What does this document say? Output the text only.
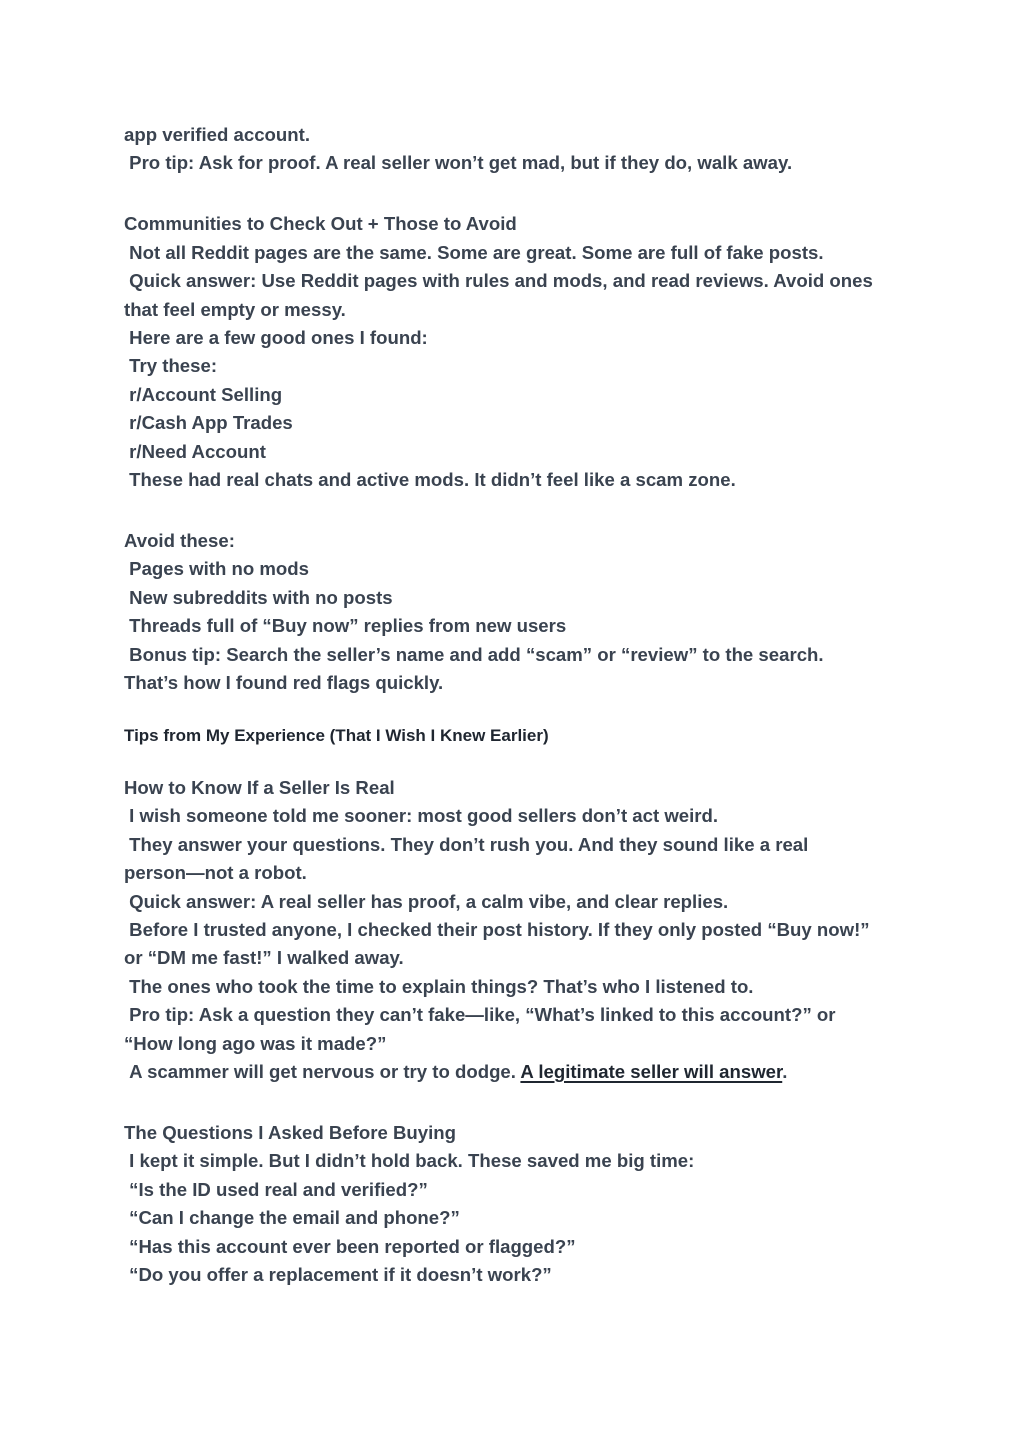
app verified account.
Pro tip: Ask for proof. A real seller won’t get mad, but if they do, walk away.
Communities to Check Out + Those to Avoid
Not all Reddit pages are the same. Some are great. Some are full of fake posts.
Quick answer: Use Reddit pages with rules and mods, and read reviews. Avoid ones
that feel empty or messy.
Here are a few good ones I found:
Try these:
r/Account Selling
r/Cash App Trades
r/Need Account
These had real chats and active mods. It didn’t feel like a scam zone.
Avoid these:
Pages with no mods
New subreddits with no posts
Threads full of “Buy now” replies from new users
Bonus tip: Search the seller’s name and add “scam” or “review” to the search.
That’s how I found red flags quickly.
Tips from My Experience (That I Wish I Knew Earlier)
How to Know If a Seller Is Real
I wish someone told me sooner: most good sellers don’t act weird.
They answer your questions. They don’t rush you. And they sound like a real
person—not a robot.
Quick answer: A real seller has proof, a calm vibe, and clear replies.
Before I trusted anyone, I checked their post history. If they only posted “Buy now!”
or “DM me fast!” I walked away.
The ones who took the time to explain things? That’s who I listened to.
Pro tip: Ask a question they can’t fake—like, “What’s linked to this account?” or
“How long ago was it made?”
A scammer will get nervous or try to dodge. A legitimate seller will answer.
The Questions I Asked Before Buying
I kept it simple. But I didn’t hold back. These saved me big time:
“Is the ID used real and verified?”
“Can I change the email and phone?”
“Has this account ever been reported or flagged?”
“Do you offer a replacement if it doesn’t work?”
